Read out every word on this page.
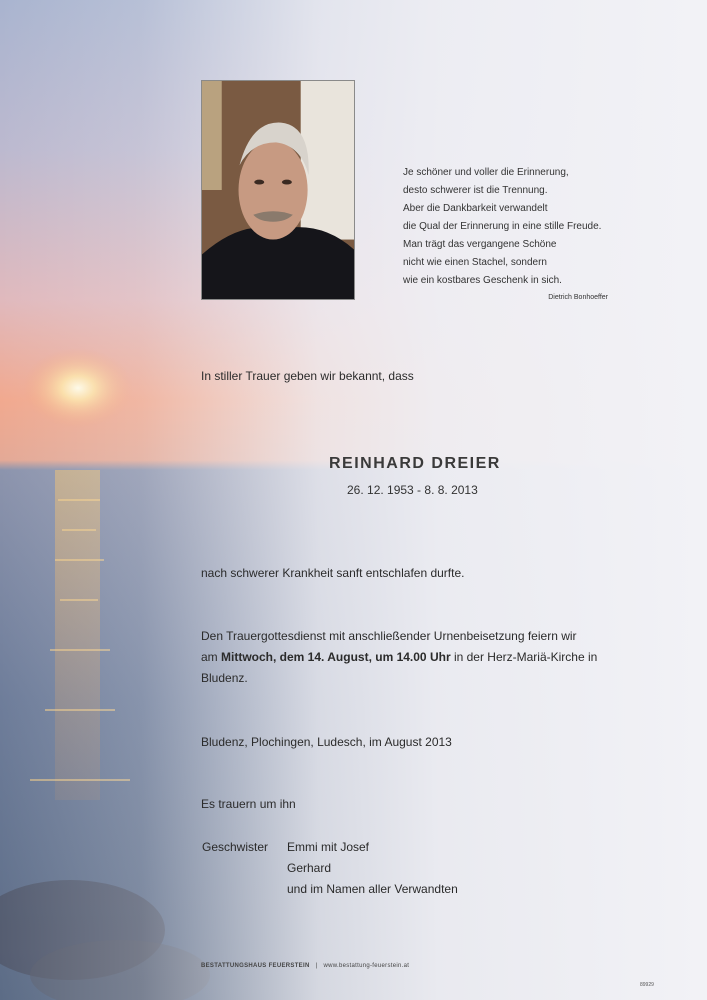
Je schöner und voller die Erinnerung,
desto schwerer ist die Trennung.
Aber die Dankbarkeit verwandelt
die Qual der Erinnerung in eine stille Freude.
Man trägt das vergangene Schöne
nicht wie einen Stachel, sondern
wie ein kostbares Geschenk in sich.
Dietrich Bonhoeffer
In stiller Trauer geben wir bekannt, dass
REINHARD DREIER
26. 12. 1953 - 8. 8. 2013
nach schwerer Krankheit sanft entschlafen durfte.
Den Trauergottesdienst mit anschließender Urnenbeisetzung feiern wir
am Mittwoch, dem 14. August, um 14.00 Uhr in der Herz-Mariä-Kirche in
Bludenz.
Bludenz, Plochingen, Ludesch, im August 2013
Es trauern um ihn
Geschwister Emmi mit Josef
Gerhard
und im Namen aller Verwandten
BESTATTUNGSHAUS FEUERSTEIN | www.bestattung-feuerstein.at
89929
